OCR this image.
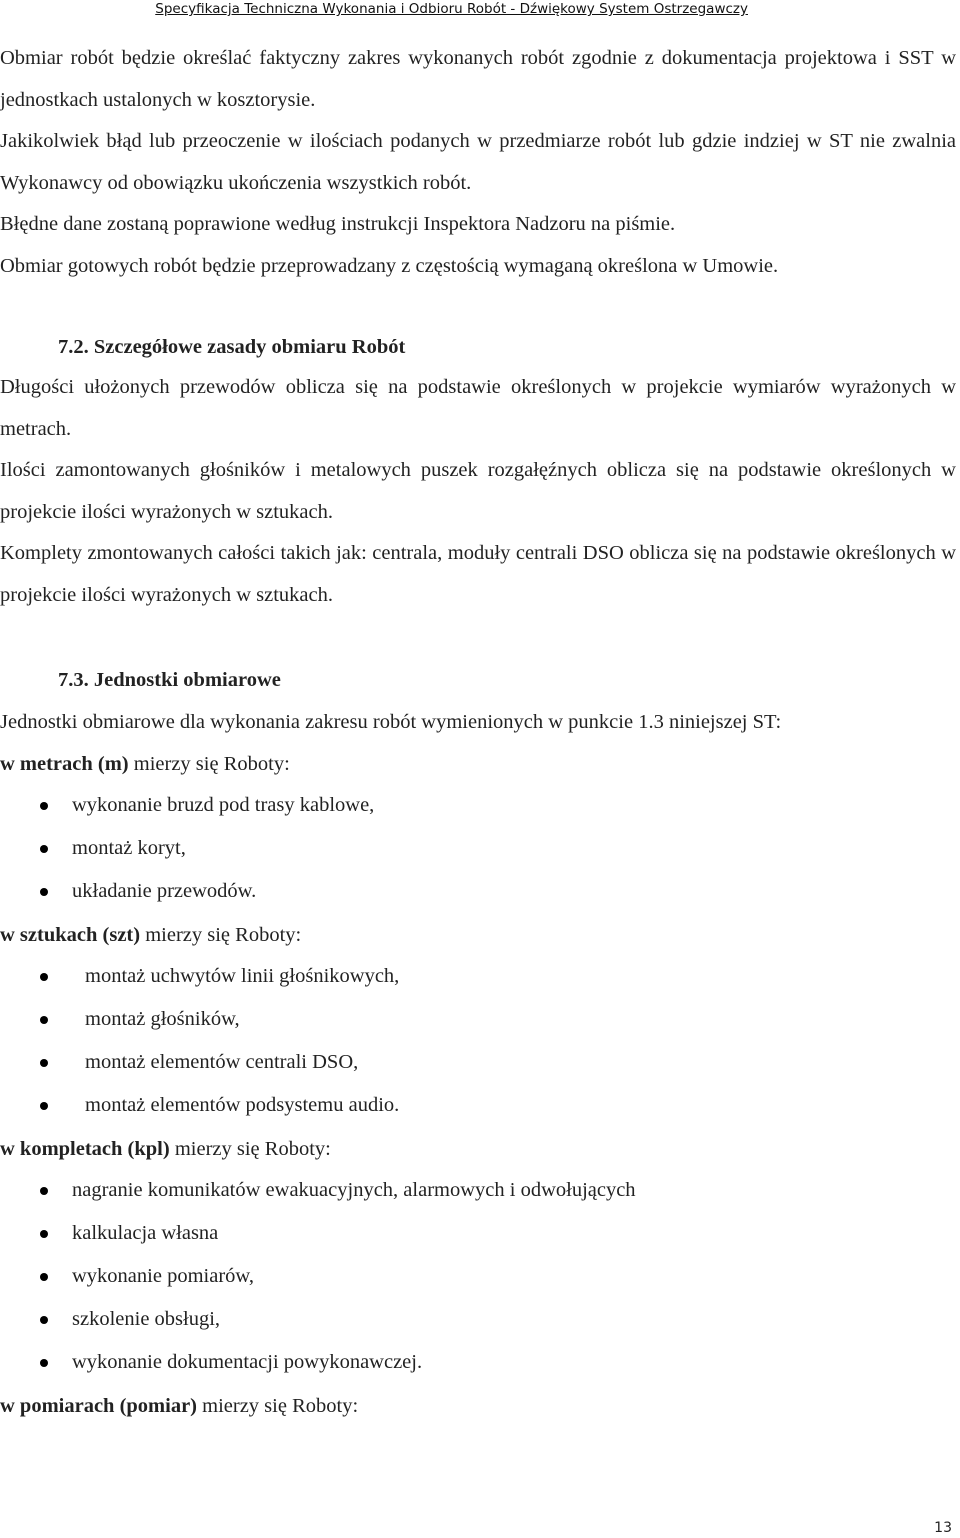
Specyfikacja Techniczna Wykonania i Odbioru Robót - Dźwiękowy System Ostrzegawczy

Obmiar robót będzie określać faktyczny zakres wykonanych robót zgodnie z dokumentacja projektowa i SST w jednostkach ustalonych w kosztorysie.

Jakikolwiek błąd lub przeoczenie w ilościach podanych w przedmiarze robót lub gdzie indziej w ST nie zwalnia Wykonawcy od obowiązku ukończenia wszystkich robót.

Błędne dane zostaną poprawione według instrukcji Inspektora Nadzoru na piśmie.

Obmiar gotowych robót będzie przeprowadzany z częstością wymaganą określona w Umowie.

7.2. Szczegółowe zasady obmiaru Robót

Długości ułożonych przewodów oblicza się na podstawie określonych w projekcie wymiarów wyrażonych w metrach.

Ilości zamontowanych głośników i metalowych puszek rozgałęźnych oblicza się na podstawie określonych w projekcie ilości wyrażonych w sztukach.

Komplety zmontowanych całości takich jak: centrala, moduły centrali DSO oblicza się na podstawie określonych w projekcie ilości wyrażonych w sztukach.

7.3. Jednostki obmiarowe

Jednostki obmiarowe dla wykonania zakresu robót wymienionych w punkcie 1.3 niniejszej ST:

w metrach (m) mierzy się Roboty:
wykonanie bruzd pod trasy kablowe,
montaż koryt,
układanie przewodów.
w sztukach (szt) mierzy się Roboty:
montaż uchwytów linii głośnikowych,
montaż głośników,
montaż elementów centrali DSO,
montaż elementów podsystemu audio.
w kompletach (kpl) mierzy się Roboty:
nagranie komunikatów ewakuacyjnych, alarmowych i odwołujących
kalkulacja własna
wykonanie pomiarów,
szkolenie obsługi,
wykonanie dokumentacji powykonawczej.
w pomiarach (pomiar) mierzy się Roboty:
13
